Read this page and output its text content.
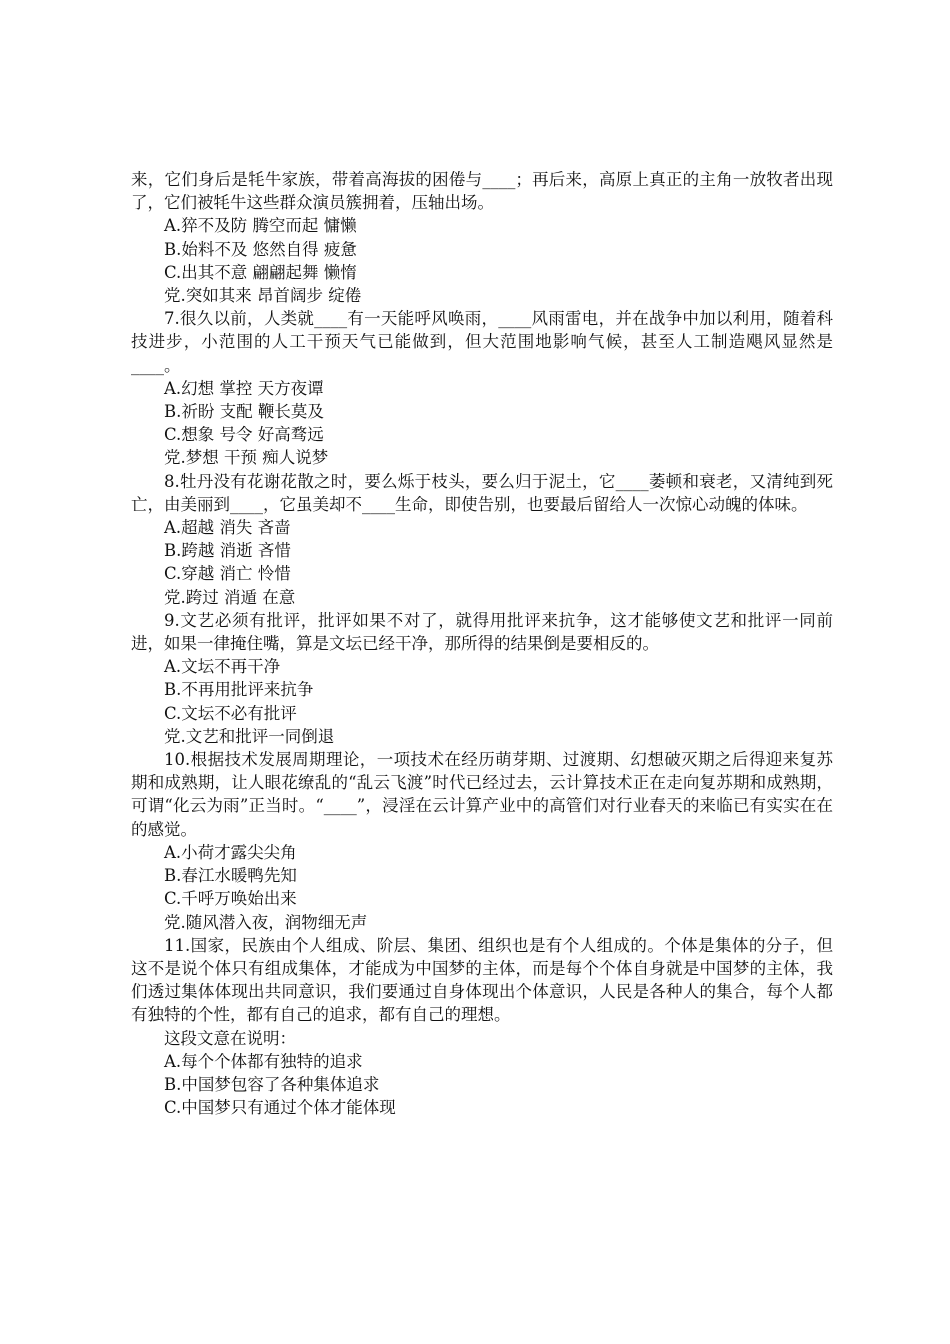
来，它们身后是牦牛家族，带着高海拔的困倦与____；再后来，高原上真正的主角一放牧者出现了，它们被牦牛这些群众演员簇拥着，压轴出场。

A.猝不及防 腾空而起 慵懒

B.始料不及 悠然自得 疲惫

C.出其不意 翩翩起舞 懒惰

党.突如其来 昂首阔步 绽倦

7.很久以前，人类就____有一天能呼风唤雨，____风雨雷电，并在战争中加以利用，随着科技进步，小范围的人工干预天气已能做到，但大范围地影响气候，甚至人工制造飓风显然是____。

A.幻想 掌控 天方夜谭

B.祈盼 支配 鞭长莫及

C.想象 号令 好高骛远

党.梦想 干预 痴人说梦

8.牡丹没有花谢花散之时，要么烁于枝头，要么归于泥土，它____萎顿和衰老，又清纯到死亡，由美丽到____，它虽美却不____生命，即使告别，也要最后留给人一次惊心动魄的体味。

A.超越 消失 吝啬

B.跨越 消逝 吝惜

C.穿越 消亡 怜惜

党.跨过 消遁 在意

9.文艺必须有批评，批评如果不对了，就得用批评来抗争，这才能够使文艺和批评一同前进，如果一律掩住嘴，算是文坛已经干净，那所得的结果倒是要相反的。

A.文坛不再干净

B.不再用批评来抗争

C.文坛不必有批评

党.文艺和批评一同倒退

10.根据技术发展周期理论，一项技术在经历萌芽期、过渡期、幻想破灭期之后得迎来复苏期和成熟期，让人眼花缭乱的“乱云飞渡”时代已经过去，云计算技术正在走向复苏期和成熟期，可谓“化云为雨”正当时。“____”，浸淫在云计算产业中的高管们对行业春天的来临已有实实在在的感觉。

A.小荷才露尖尖角

B.春江水暖鸭先知

C.千呼万唤始出来

党.随风潜入夜，润物细无声

11.国家，民族由个人组成、阶层、集团、组织也是有个人组成的。个体是集体的分子，但这不是说个体只有组成集体，才能成为中国梦的主体，而是每个个体自身就是中国梦的主体，我们透过集体体现出共同意识，我们要通过自身体现出个体意识，人民是各种人的集合，每个人都有独特的个性，都有自己的追求，都有自己的理想。

这段文意在说明：

A.每个个体都有独特的追求

B.中国梦包容了各种集体追求

C.中国梦只有通过个体才能体现
